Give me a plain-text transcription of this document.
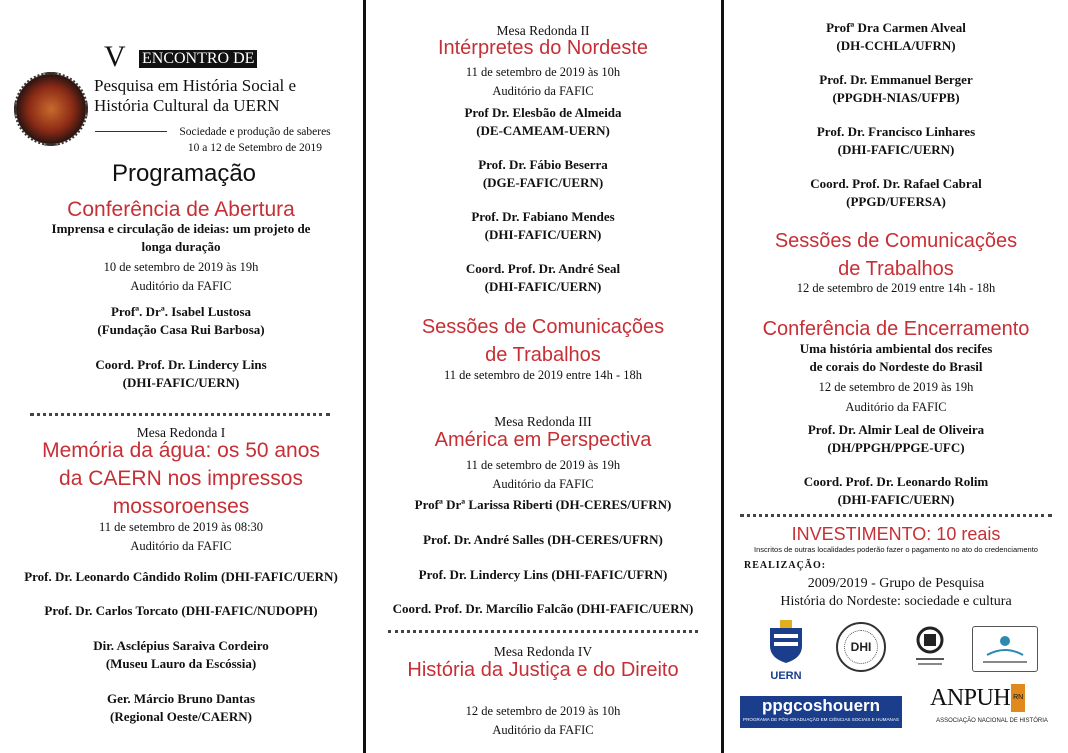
V ENCONTRO DE
Pesquisa em História Social e
História Cultural da UERN
Sociedade e produção de saberes
10 a 12 de Setembro de 2019
Programação
Conferência de Abertura
Imprensa e circulação de ideias: um projeto de
longa duração
10 de setembro de 2019 às 19h
Auditório da FAFIC
Profª. Drª. Isabel Lustosa
(Fundação Casa Rui Barbosa)
Coord. Prof. Dr. Lindercy Lins
(DHI-FAFIC/UERN)
Mesa Redonda I
Memória da água: os 50 anos
da CAERN nos impressos
mossoroenses
11 de setembro de 2019 às 08:30
Auditório da FAFIC
Prof. Dr. Leonardo Cândido Rolim (DHI-FAFIC/UERN)
Prof. Dr. Carlos Torcato (DHI-FAFIC/NUDOPH)
Dir. Asclépius Saraiva Cordeiro
(Museu Lauro da Escóssia)
Ger. Márcio Bruno Dantas
(Regional Oeste/CAERN)
Mesa Redonda II
Intérpretes do Nordeste
11 de setembro de 2019 às 10h
Auditório da FAFIC
Prof Dr. Elesbão de Almeida
(DE-CAMEAM-UERN)
Prof. Dr. Fábio Beserra
(DGE-FAFIC/UERN)
Prof. Dr. Fabiano Mendes
(DHI-FAFIC/UERN)
Coord. Prof. Dr. André Seal
(DHI-FAFIC/UERN)
Sessões de Comunicações
de Trabalhos
11 de setembro de 2019 entre 14h - 18h
Mesa Redonda III
América em Perspectiva
11 de setembro de 2019 às 19h
Auditório da FAFIC
Profª Drª Larissa Riberti (DH-CERES/UFRN)
Prof. Dr. André Salles (DH-CERES/UFRN)
Prof. Dr. Lindercy Lins (DHI-FAFIC/UFRN)
Coord. Prof. Dr. Marcílio Falcão (DHI-FAFIC/UERN)
Mesa Redonda IV
História da Justiça e do Direito
12 de setembro de 2019 às 10h
Auditório da FAFIC
Profª Dra Carmen Alveal
(DH-CCHLA/UFRN)
Prof. Dr. Emmanuel Berger
(PPGDH-NIAS/UFPB)
Prof. Dr. Francisco Linhares
(DHI-FAFIC/UERN)
Coord. Prof. Dr. Rafael Cabral
(PPGD/UFERSA)
Sessões de Comunicações
de Trabalhos
12 de setembro de 2019 entre 14h - 18h
Conferência de Encerramento
Uma história ambiental dos recifes
de corais do Nordeste do Brasil
12 de setembro de 2019 às 19h
Auditório da FAFIC
Prof. Dr. Almir Leal de Oliveira
(DH/PPGH/PPGE-UFC)
Coord. Prof. Dr. Leonardo Rolim
(DHI-FAFIC/UERN)
INVESTIMENTO: 10 reais
Inscritos de outras localidades poderão fazer o pagamento no ato do credenciamento
REALIZAÇÃO:
2009/2019 - Grupo de Pesquisa
História do Nordeste: sociedade e cultura
UERN
DHI
ppgcoshouern
PROGRAMA DE PÓS-GRADUAÇÃO EM CIÊNCIAS SOCIAIS E HUMANAS
ANPUH RN
ASSOCIAÇÃO NACIONAL DE HISTÓRIA
